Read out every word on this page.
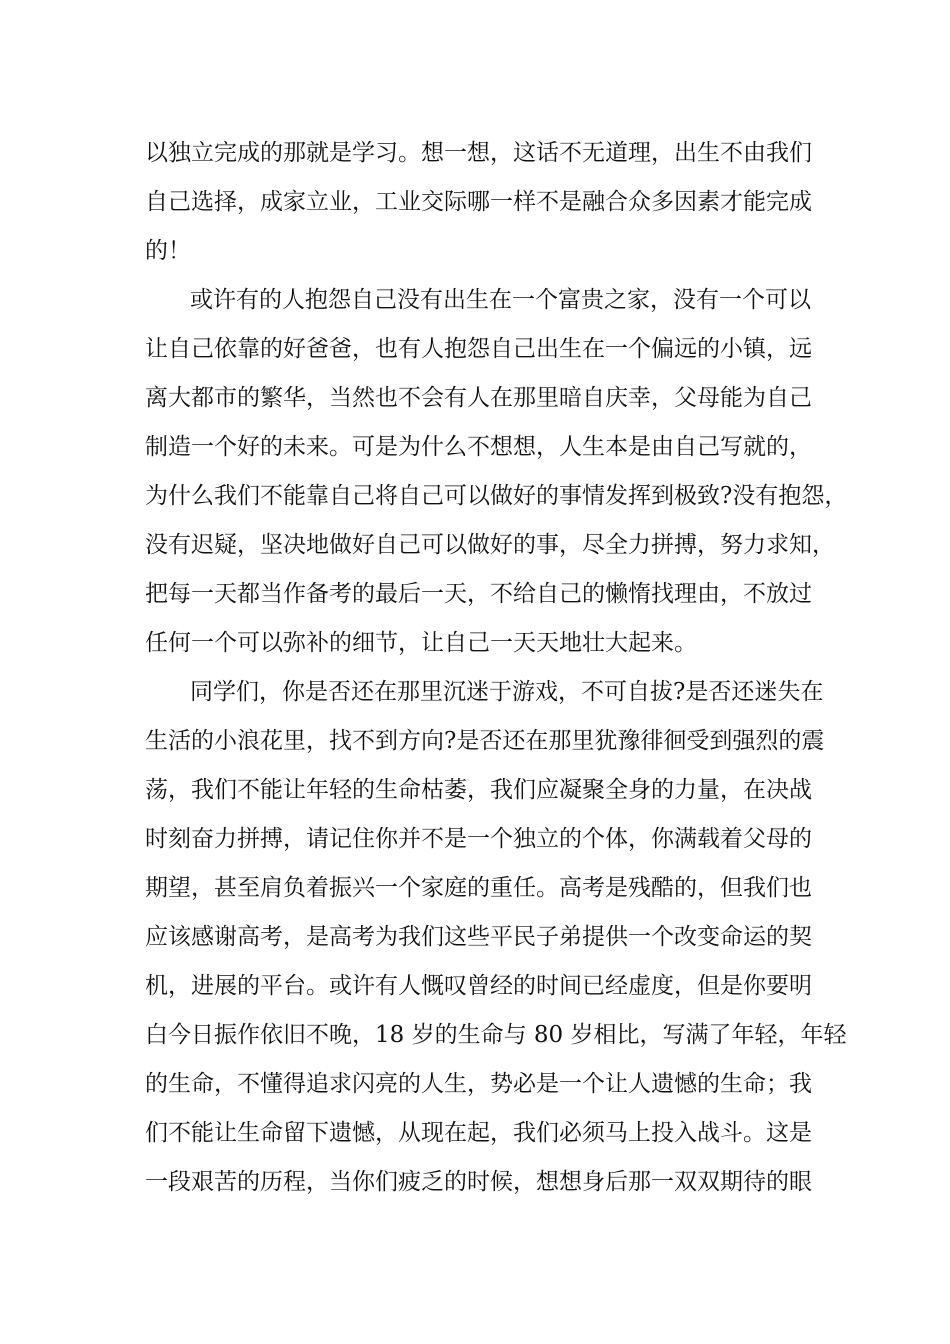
以独立完成的那就是学习。想一想，这话不无道理，出生不由我们
自己选择，成家立业，工业交际哪一样不是融合众多因素才能完成
的！
或许有的人抱怨自己没有出生在一个富贵之家，没有一个可以
让自己依靠的好爸爸，也有人抱怨自己出生在一个偏远的小镇，远
离大都市的繁华，当然也不会有人在那里暗自庆幸，父母能为自己
制造一个好的未来。可是为什么不想想，人生本是由自己写就的，
为什么我们不能靠自己将自己可以做好的事情发挥到极致?没有抱怨，
没有迟疑，坚决地做好自己可以做好的事，尽全力拼搏，努力求知，
把每一天都当作备考的最后一天，不给自己的懒惰找理由，不放过
任何一个可以弥补的细节，让自己一天天地壮大起来。
同学们，你是否还在那里沉迷于游戏，不可自拔?是否还迷失在
生活的小浪花里，找不到方向?是否还在那里犹豫徘徊受到强烈的震
荡，我们不能让年轻的生命枯萎，我们应凝聚全身的力量，在决战
时刻奋力拼搏，请记住你并不是一个独立的个体，你满载着父母的
期望，甚至肩负着振兴一个家庭的重任。高考是残酷的，但我们也
应该感谢高考，是高考为我们这些平民子弟提供一个改变命运的契
机，进展的平台。或许有人慨叹曾经的时间已经虚度，但是你要明
白今日振作依旧不晚，18 岁的生命与 80 岁相比，写满了年轻，年轻
的生命，不懂得追求闪亮的人生，势必是一个让人遗憾的生命；我
们不能让生命留下遗憾，从现在起，我们必须马上投入战斗。这是
一段艰苦的历程，当你们疲乏的时候，想想身后那一双双期待的眼
